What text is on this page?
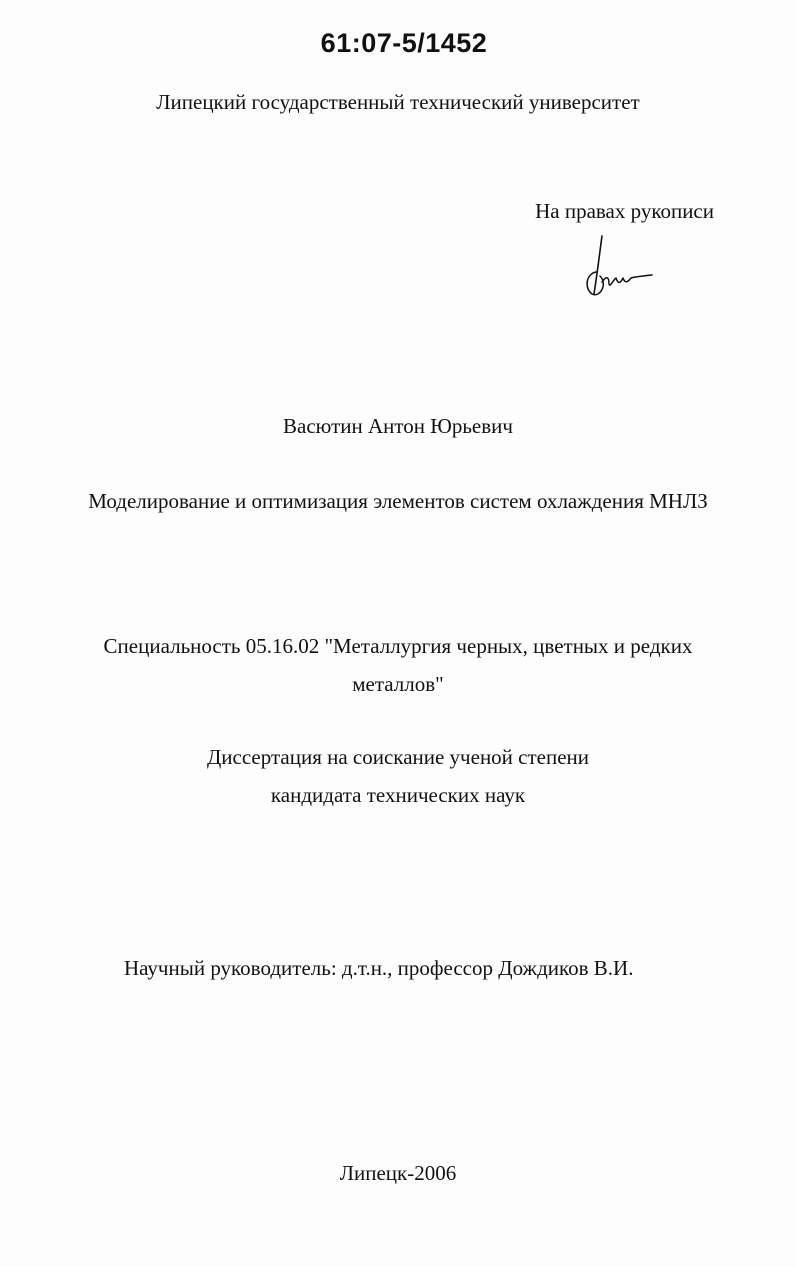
61:07-5/1452
Липецкий государственный технический университет
На правах рукописи
Васютин Антон Юрьевич
Моделирование и оптимизация элементов систем охлаждения МНЛЗ
Специальность 05.16.02 "Металлургия черных, цветных и редких
металлов"
Диссертация на соискание ученой степени
кандидата технических наук
Научный руководитель: д.т.н., профессор Дождиков В.И.
Липецк-2006
